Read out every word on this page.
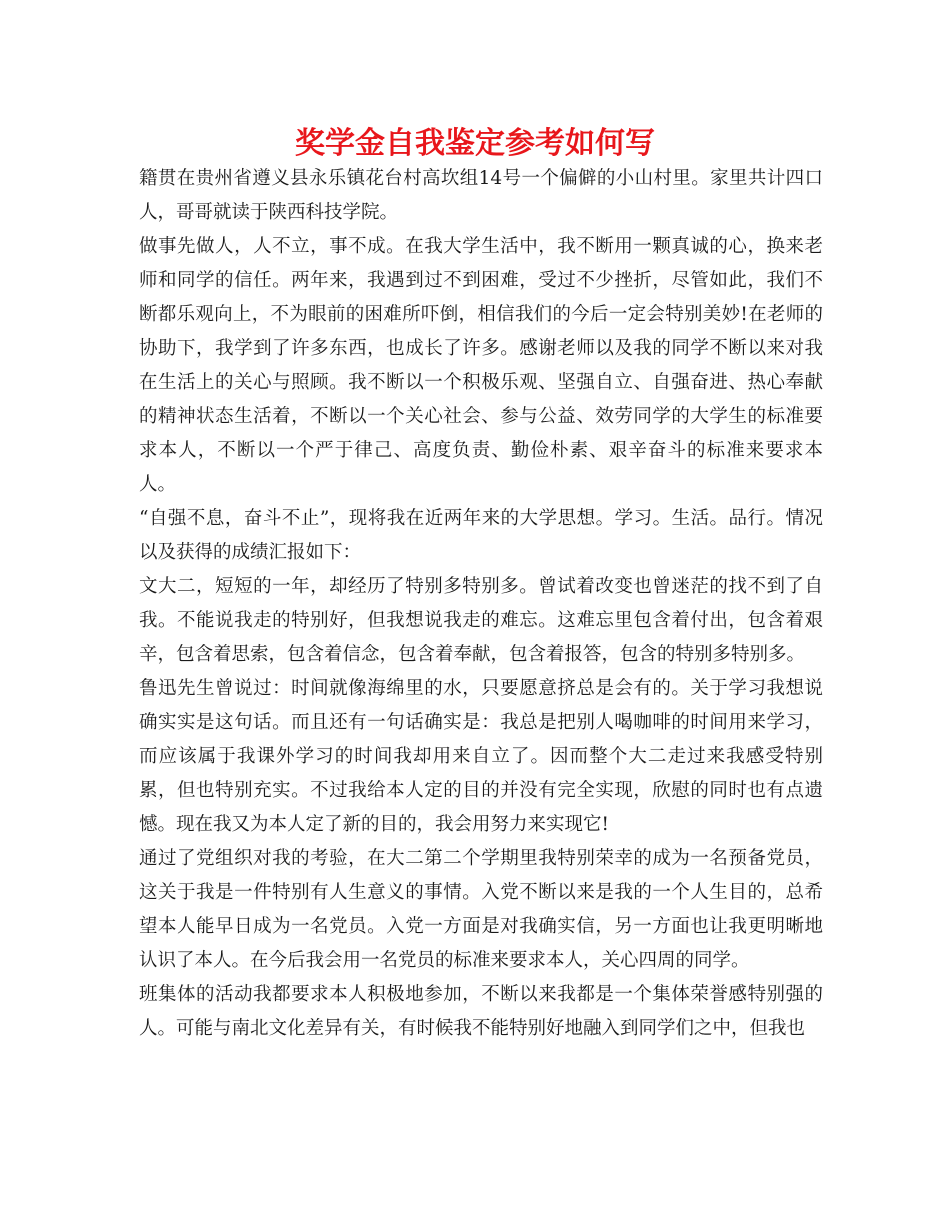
奖学金自我鉴定参考如何写

籍贯在贵州省遵义县永乐镇花台村高坎组14号一个偏僻的小山村里。家里共计四口人，哥哥就读于陕西科技学院。

做事先做人，人不立，事不成。在我大学生活中，我不断用一颗真诚的心，换来老师和同学的信任。两年来，我遇到过不到困难，受过不少挫折，尽管如此，我们不断都乐观向上，不为眼前的困难所吓倒，相信我们的今后一定会特别美妙!在老师的协助下，我学到了许多东西，也成长了许多。感谢老师以及我的同学不断以来对我在生活上的关心与照顾。我不断以一个积极乐观、坚强自立、自强奋进、热心奉献的精神状态生活着，不断以一个关心社会、参与公益、效劳同学的大学生的标准要求本人，不断以一个严于律己、高度负责、勤俭朴素、艰辛奋斗的标准来要求本人。

“自强不息，奋斗不止”，现将我在近两年来的大学思想。学习。生活。品行。情况以及获得的成绩汇报如下：

文大二，短短的一年，却经历了特别多特别多。曾试着改变也曾迷茫的找不到了自我。不能说我走的特别好，但我想说我走的难忘。这难忘里包含着付出，包含着艰辛，包含着思索，包含着信念，包含着奉献，包含着报答，包含的特别多特别多。

鲁迅先生曾说过：时间就像海绵里的水，只要愿意挤总是会有的。关于学习我想说确实实是这句话。而且还有一句话确实是：我总是把别人喝咖啡的时间用来学习，而应该属于我课外学习的时间我却用来自立了。因而整个大二走过来我感受特别累，但也特别充实。不过我给本人定的目的并没有完全实现，欣慰的同时也有点遗憾。现在我又为本人定了新的目的，我会用努力来实现它!

通过了党组织对我的考验，在大二第二个学期里我特别荣幸的成为一名预备党员，这关于我是一件特别有人生意义的事情。入党不断以来是我的一个人生目的，总希望本人能早日成为一名党员。入党一方面是对我确实信，另一方面也让我更明晰地认识了本人。在今后我会用一名党员的标准来要求本人，关心四周的同学。

班集体的活动我都要求本人积极地参加，不断以来我都是一个集体荣誉感特别强的人。可能与南北文化差异有关，有时候我不能特别好地融入到同学们之中，但我也
